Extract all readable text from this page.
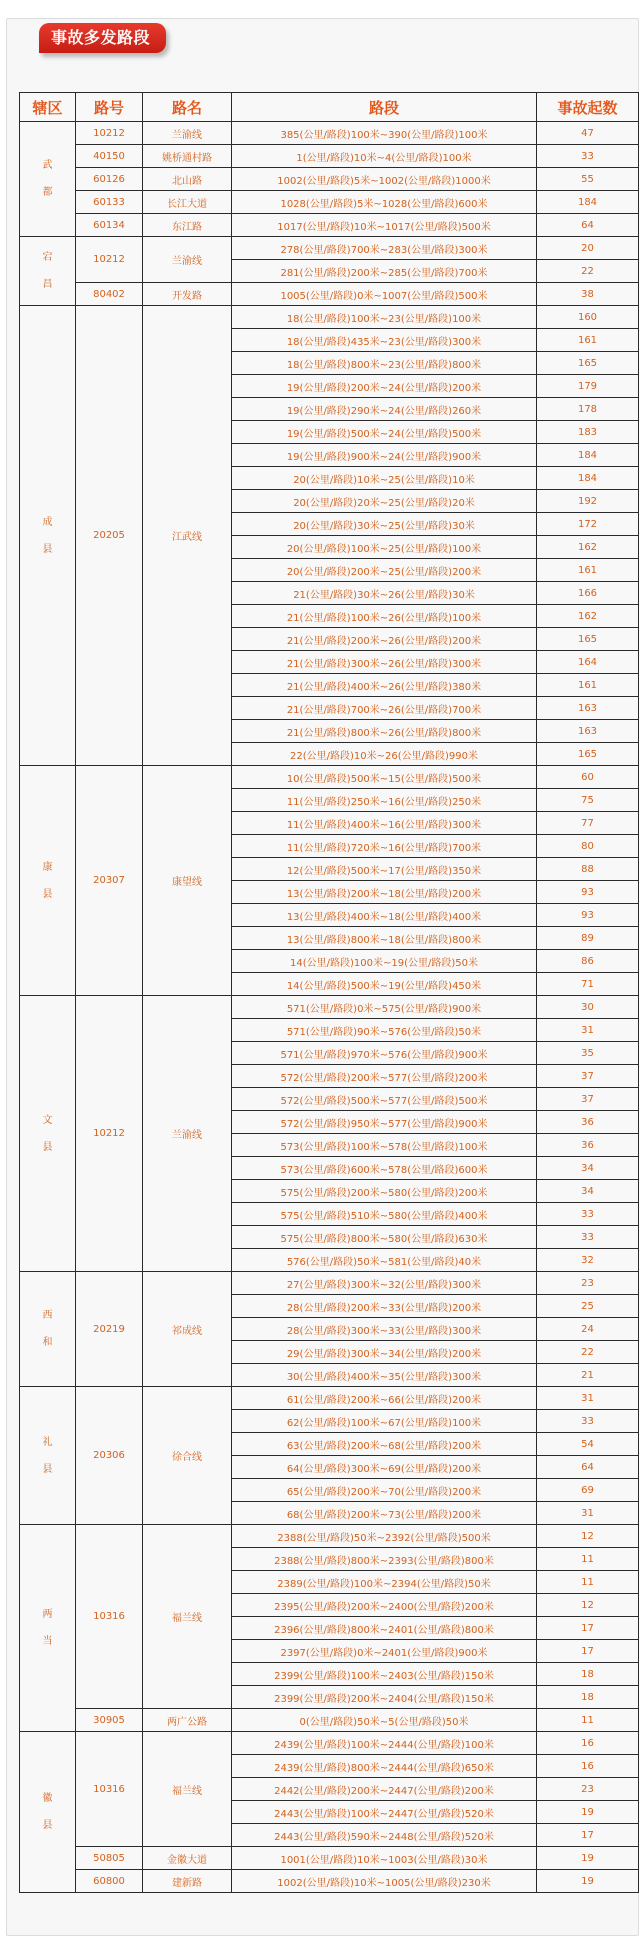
事故多发路段
辖区	路号	路名	路段	事故起数

武
都	10212	兰渝线	385(公里/路段)100米~390(公里/路段)100米	47
	40150	姚桥通村路	1(公里/路段)10米~4(公里/路段)100米	33
	60126	北山路	1002(公里/路段)5米~1002(公里/路段)1000米	55
	60133	长江大道	1028(公里/路段)5米~1028(公里/路段)600米	184
	60134	东江路	1017(公里/路段)10米~1017(公里/路段)500米	64

宕
昌	10212	兰渝线	278(公里/路段)700米~283(公里/路段)300米	20
			281(公里/路段)200米~285(公里/路段)700米	22
	80402	开发路	1005(公里/路段)0米~1007(公里/路段)500米	38

成
县	20205	江武线	18(公里/路段)100米~23(公里/路段)100米	160
			18(公里/路段)435米~23(公里/路段)300米	161
			18(公里/路段)800米~23(公里/路段)800米	165
			19(公里/路段)200米~24(公里/路段)200米	179
			19(公里/路段)290米~24(公里/路段)260米	178
			19(公里/路段)500米~24(公里/路段)500米	183
			19(公里/路段)900米~24(公里/路段)900米	184
			20(公里/路段)10米~25(公里/路段)10米	184
			20(公里/路段)20米~25(公里/路段)20米	192
			20(公里/路段)30米~25(公里/路段)30米	172
			20(公里/路段)100米~25(公里/路段)100米	162
			20(公里/路段)200米~25(公里/路段)200米	161
			21(公里/路段)30米~26(公里/路段)30米	166
			21(公里/路段)100米~26(公里/路段)100米	162
			21(公里/路段)200米~26(公里/路段)200米	165
			21(公里/路段)300米~26(公里/路段)300米	164
			21(公里/路段)400米~26(公里/路段)380米	161
			21(公里/路段)700米~26(公里/路段)700米	163
			21(公里/路段)800米~26(公里/路段)800米	163
			22(公里/路段)10米~26(公里/路段)990米	165

康
县	20307	康望线	10(公里/路段)500米~15(公里/路段)500米	60
			11(公里/路段)250米~16(公里/路段)250米	75
			11(公里/路段)400米~16(公里/路段)300米	77
			11(公里/路段)720米~16(公里/路段)700米	80
			12(公里/路段)500米~17(公里/路段)350米	88
			13(公里/路段)200米~18(公里/路段)200米	93
			13(公里/路段)400米~18(公里/路段)400米	93
			13(公里/路段)800米~18(公里/路段)800米	89
			14(公里/路段)100米~19(公里/路段)50米	86
			14(公里/路段)500米~19(公里/路段)450米	71

文
县	10212	兰渝线	571(公里/路段)0米~575(公里/路段)900米	30
			571(公里/路段)90米~576(公里/路段)50米	31
			571(公里/路段)970米~576(公里/路段)900米	35
			572(公里/路段)200米~577(公里/路段)200米	37
			572(公里/路段)500米~577(公里/路段)500米	37
			572(公里/路段)950米~577(公里/路段)900米	36
			573(公里/路段)100米~578(公里/路段)100米	36
			573(公里/路段)600米~578(公里/路段)600米	34
			575(公里/路段)200米~580(公里/路段)200米	34
			575(公里/路段)510米~580(公里/路段)400米	33
			575(公里/路段)800米~580(公里/路段)630米	33
			576(公里/路段)50米~581(公里/路段)40米	32

西
和	20219	祁成线	27(公里/路段)300米~32(公里/路段)300米	23
			28(公里/路段)200米~33(公里/路段)200米	25
			28(公里/路段)300米~33(公里/路段)300米	24
			29(公里/路段)300米~34(公里/路段)200米	22
			30(公里/路段)400米~35(公里/路段)300米	21

礼
县	20306	徐合线	61(公里/路段)200米~66(公里/路段)200米	31
			62(公里/路段)100米~67(公里/路段)100米	33
			63(公里/路段)200米~68(公里/路段)200米	54
			64(公里/路段)300米~69(公里/路段)200米	64
			65(公里/路段)200米~70(公里/路段)200米	69
			68(公里/路段)200米~73(公里/路段)200米	31

两
当	10316	福兰线	2388(公里/路段)50米~2392(公里/路段)500米	12
			2388(公里/路段)800米~2393(公里/路段)800米	11
			2389(公里/路段)100米~2394(公里/路段)50米	11
			2395(公里/路段)200米~2400(公里/路段)200米	12
			2396(公里/路段)800米~2401(公里/路段)800米	17
			2397(公里/路段)0米~2401(公里/路段)900米	17
			2399(公里/路段)100米~2403(公里/路段)150米	18
			2399(公里/路段)200米~2404(公里/路段)150米	18
	30905	两广公路	0(公里/路段)50米~5(公里/路段)50米	11

徽
县	10316	福兰线	2439(公里/路段)100米~2444(公里/路段)100米	16
			2439(公里/路段)800米~2444(公里/路段)650米	16
			2442(公里/路段)200米~2447(公里/路段)200米	23
			2443(公里/路段)100米~2447(公里/路段)520米	19
			2443(公里/路段)590米~2448(公里/路段)520米	17
	50805	金徽大道	1001(公里/路段)10米~1003(公里/路段)30米	19
	60800	建新路	1002(公里/路段)10米~1005(公里/路段)230米	19
